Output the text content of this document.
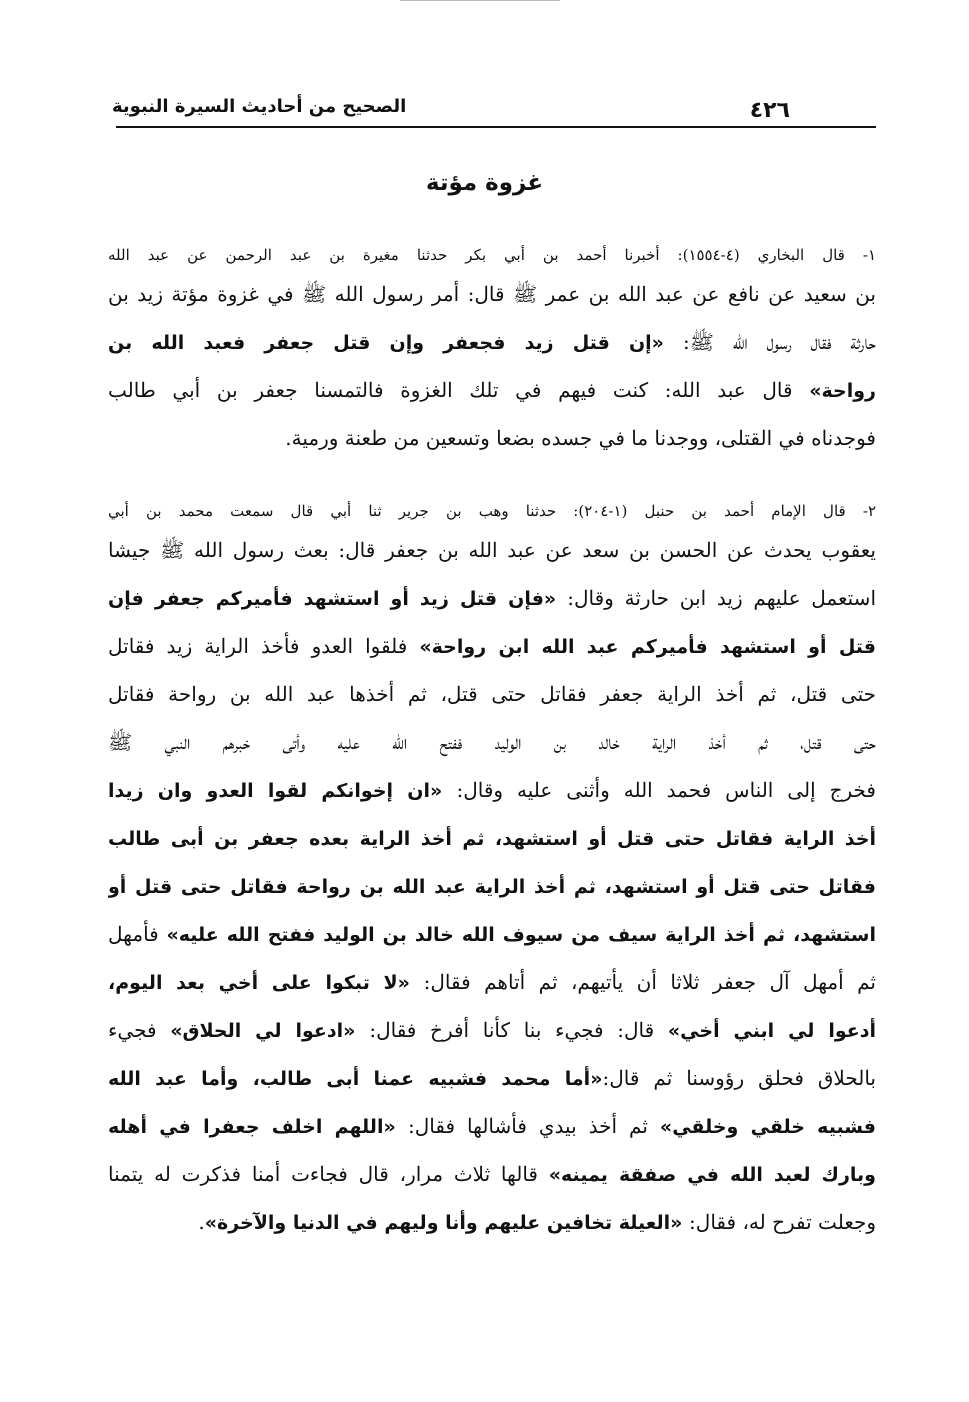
٤٢٦
الصحيح من أحاديث السيرة النبوية
غزوة مؤتة
١- قال البخاري (٤-١٥٥٤): أخبرنا أحمد بن أبي بكر حدثنا مغيرة بن عبد الرحمن عن عبد الله
بن سعيد عن نافع عن عبد الله بن عمر ﷺ قال: أمر رسول الله ﷺ في غزوة مؤتة زيد بن
حارثة فقال رسول الله ﷺ: «إن قتل زيد فجعفر وإن قتل جعفر فعبد الله بن
رواحة» قال عبد الله: كنت فيهم في تلك الغزوة فالتمسنا جعفر بن أبي طالب
فوجدناه في القتلى، ووجدنا ما في جسده بضعا وتسعين من طعنة ورمية.
٢- قال الإمام أحمد بن حنبل (١-٢٠٤): حدثنا وهب بن جرير ثنا أبي قال سمعت محمد بن أبي
يعقوب يحدث عن الحسن بن سعد عن عبد الله بن جعفر قال: بعث رسول الله ﷺ جيشا
استعمل عليهم زيد ابن حارثة وقال: «فإن قتل زيد أو استشهد فأميركم جعفر فإن
قتل أو استشهد فأميركم عبد الله ابن رواحة» فلقوا العدو فأخذ الراية زيد فقاتل
حتى قتل، ثم أخذ الراية جعفر فقاتل حتى قتل، ثم أخذها عبد الله بن رواحة فقاتل
حتى قتل، ثم أخذ الراية خالد بن الوليد ففتح الله عليه وأتى خبرهم النبي ﷺ
فخرج إلى الناس فحمد الله وأثنى عليه وقال: «ان إخوانكم لقوا العدو وان زيدا
أخذ الراية فقاتل حتى قتل أو استشهد، ثم أخذ الراية بعده جعفر بن أبى طالب
فقاتل حتى قتل أو استشهد، ثم أخذ الراية عبد الله بن رواحة فقاتل حتى قتل أو
استشهد، ثم أخذ الراية سيف من سيوف الله خالد بن الوليد ففتح الله عليه» فأمهل
ثم أمهل آل جعفر ثلاثا أن يأتيهم، ثم أتاهم فقال: «لا تبكوا على أخي بعد اليوم،
أدعوا لي ابني أخي» قال: فجيء بنا كأنا أفرخ فقال: «ادعوا لي الحلاق» فجيء
بالحلاق فحلق رؤوسنا ثم قال:«أما محمد فشبيه عمنا أبى طالب، وأما عبد الله
فشبيه خلقي وخلقي» ثم أخذ بيدي فأشالها فقال: «اللهم اخلف جعفرا في أهله
وبارك لعبد الله في صفقة يمينه» قالها ثلاث مرار، قال فجاءت أمنا فذكرت له يتمنا
وجعلت تفرح له، فقال: «العيلة تخافين عليهم وأنا وليهم في الدنيا والآخرة».
